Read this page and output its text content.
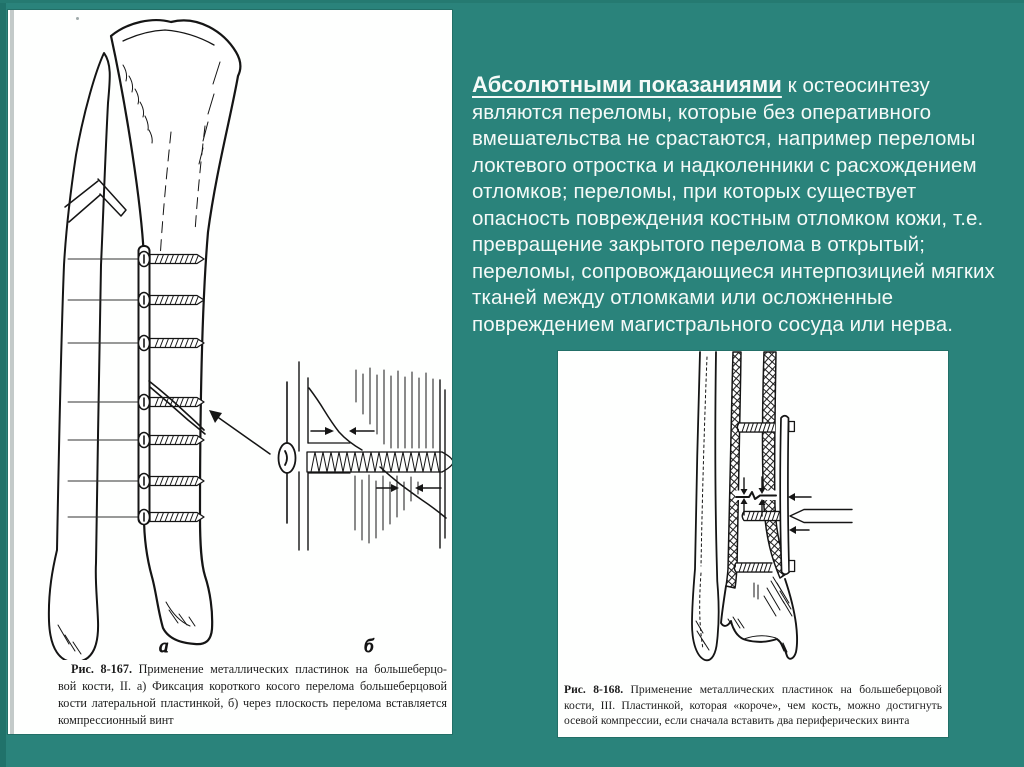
а	б
Рис. 8-167. Применение металлических пластинок на большеберцо-
вой кости, II. а) Фиксация короткого косого перелома большеберцовой
кости латеральной пластинкой, б) через плоскость перелома вставляется
компрессионный винт
Абсолютными показаниями к остеосинтезу являются переломы, которые без оперативного вмешательства не срастаются, например переломы локтевого отростка и надколенники с расхождением отломков; переломы, при которых существует опасность повреждения костным отломком кожи, т.е. превращение закрытого перелома в открытый; переломы, сопровождающиеся интерпозицией мягких тканей между отломками или осложненные повреждением магистрального сосуда или нерва.
Рис. 8-168. Применение металлических пластинок на большеберцовой
кости, III. Пластинкой, которая «короче», чем кость, можно достигнуть
осевой компрессии, если сначала вставить два периферических винта
